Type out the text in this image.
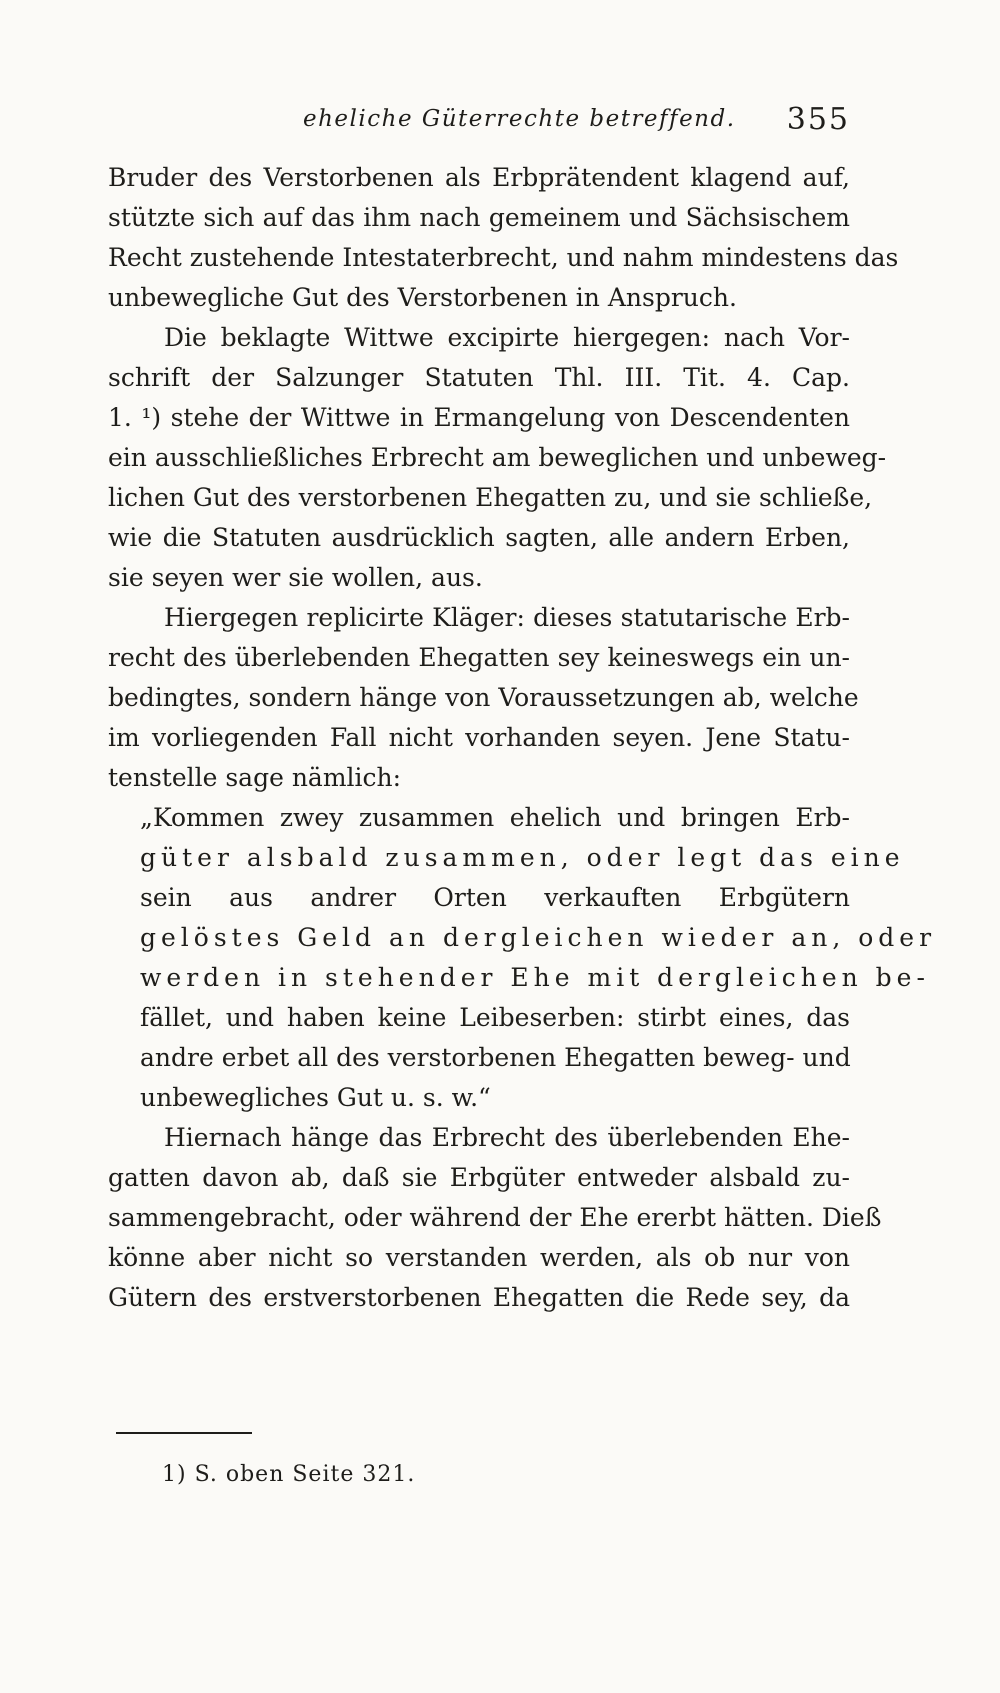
eheliche Güterrechte betreffend. 355
Bruder des Verstorbenen als Erbprätendent klagend auf,
stützte sich auf das ihm nach gemeinem und Sächsischem
Recht zustehende Intestaterbrecht, und nahm mindestens das
unbewegliche Gut des Verstorbenen in Anspruch.
Die beklagte Wittwe excipirte hiergegen: nach Vor-
schrift der Salzunger Statuten Thl. III. Tit. 4. Cap.
1. ¹) stehe der Wittwe in Ermangelung von Descendenten
ein ausschließliches Erbrecht am beweglichen und unbeweg-
lichen Gut des verstorbenen Ehegatten zu, und sie schließe,
wie die Statuten ausdrücklich sagten, alle andern Erben,
sie seyen wer sie wollen, aus.
Hiergegen replicirte Kläger: dieses statutarische Erb-
recht des überlebenden Ehegatten sey keineswegs ein un-
bedingtes, sondern hänge von Voraussetzungen ab, welche
im vorliegenden Fall nicht vorhanden seyen. Jene Statu-
tenstelle sage nämlich:
„Kommen zwey zusammen ehelich und bringen Erb-
güter alsbald zusammen, oder legt das eine
sein aus andrer Orten verkauften Erbgütern
gelöstes Geld an dergleichen wieder an, oder
werden in stehender Ehe mit dergleichen be-
fället, und haben keine Leibeserben: stirbt eines, das
andre erbet all des verstorbenen Ehegatten beweg- und
unbewegliches Gut u. s. w.“
Hiernach hänge das Erbrecht des überlebenden Ehe-
gatten davon ab, daß sie Erbgüter entweder alsbald zu-
sammengebracht, oder während der Ehe ererbt hätten. Dieß
könne aber nicht so verstanden werden, als ob nur von
Gütern des erstverstorbenen Ehegatten die Rede sey, da
1) S. oben Seite 321.
